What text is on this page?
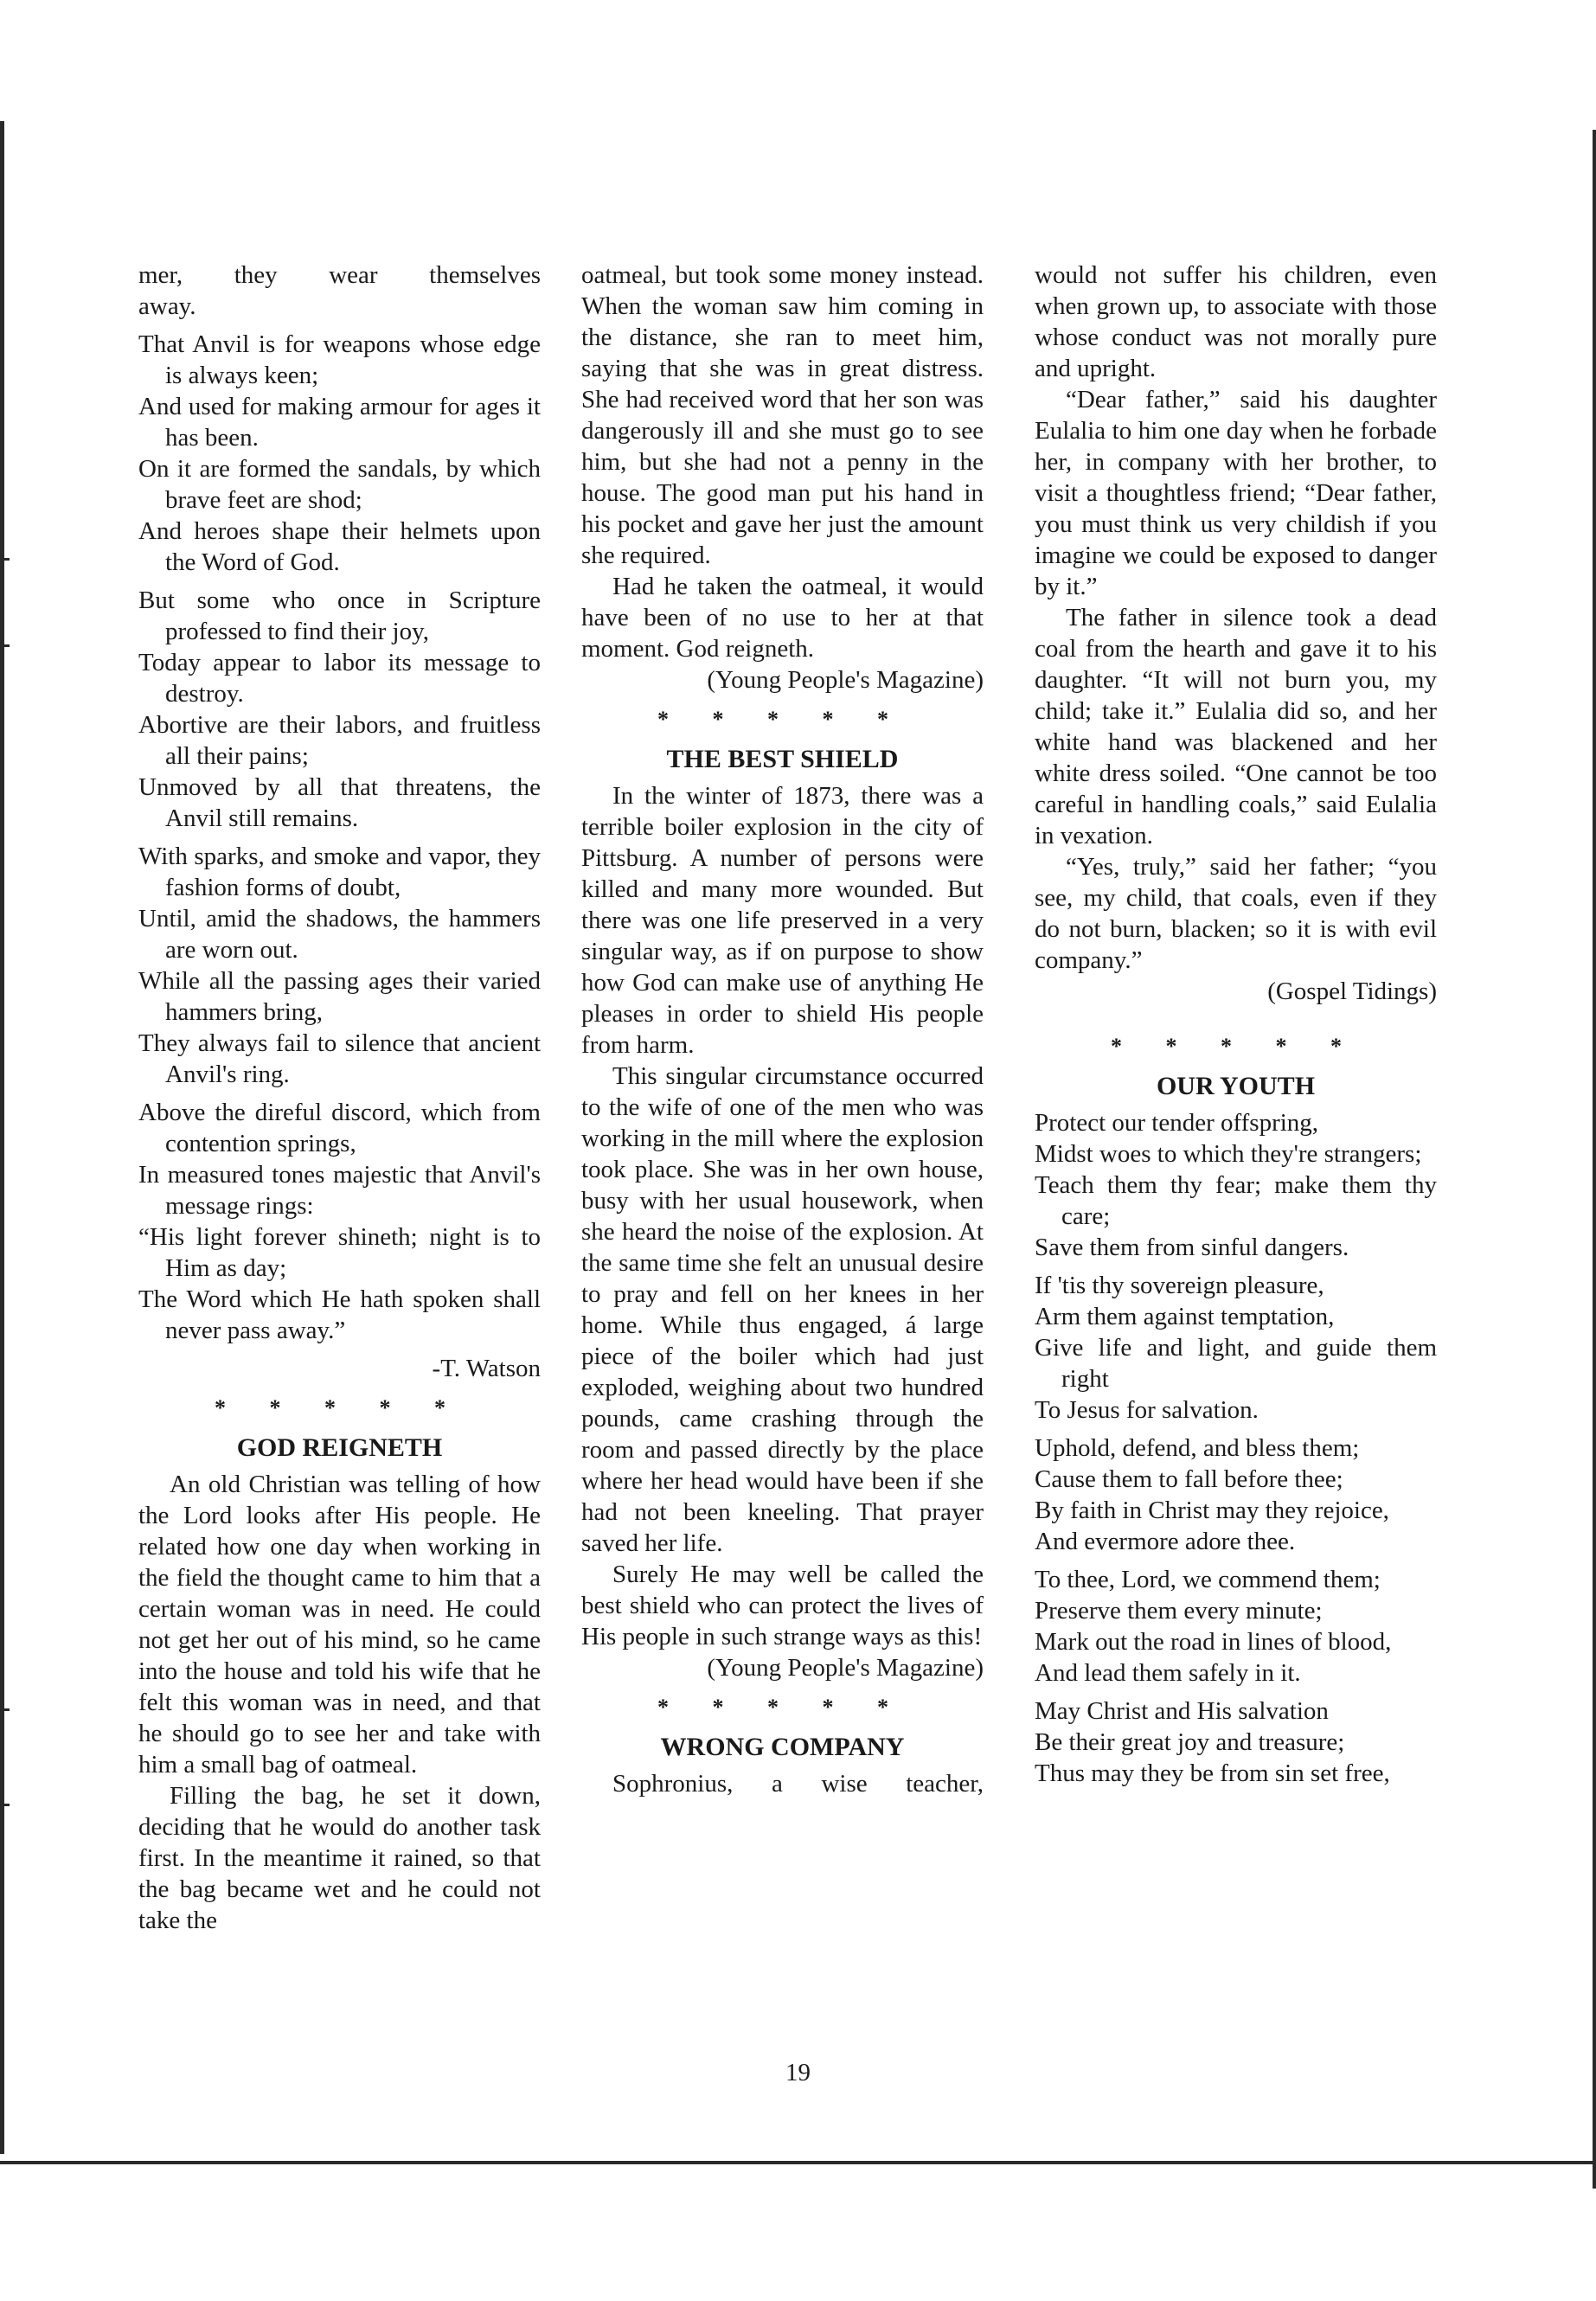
mer, they wear themselves
away.
That Anvil is for weapons whose edge is always keen;
And used for making armour for ages it has been.
On it are formed the sandals, by which brave feet are shod;
And heroes shape their helmets upon the Word of God.
But some who once in Scripture professed to find their joy,
Today appear to labor its message to destroy.
Abortive are their labors, and fruitless all their pains;
Unmoved by all that threatens, the Anvil still remains.
With sparks, and smoke and vapor, they fashion forms of doubt,
Until, amid the shadows, the hammers are worn out.
While all the passing ages their varied hammers bring,
They always fail to silence that ancient Anvil's ring.
Above the direful discord, which from contention springs,
In measured tones majestic that Anvil's message rings:
“His light forever shineth; night is to Him as day;
The Word which He hath spoken shall never pass away.”

-T. Watson

* * * * *
GOD REIGNETH

An old Christian was telling of how the Lord looks after His people. He related how one day when working in the field the thought came to him that a certain woman was in need. He could not get her out of his mind, so he came into the house and told his wife that he felt this woman was in need, and that he should go to see her and take with him a small bag of oatmeal.

Filling the bag, he set it down, deciding that he would do another task first. In the meantime it rained, so that the bag became wet and he could not take the

oatmeal, but took some money instead. When the woman saw him coming in the distance, she ran to meet him, saying that she was in great distress. She had received word that her son was dangerously ill and she must go to see him, but she had not a penny in the house. The good man put his hand in his pocket and gave her just the amount she required.

Had he taken the oatmeal, it would have been of no use to her at that moment. God reigneth.

(Young People's Magazine)

* * * * *
THE BEST SHIELD

In the winter of 1873, there was a terrible boiler explosion in the city of Pittsburg. A number of persons were killed and many more wounded. But there was one life preserved in a very singular way, as if on purpose to show how God can make use of anything He pleases in order to shield His people from harm.

This singular circumstance occurred to the wife of one of the men who was working in the mill where the explosion took place. She was in her own house, busy with her usual housework, when she heard the noise of the explosion. At the same time she felt an unusual desire to pray and fell on her knees in her home. While thus engaged, á large piece of the boiler which had just exploded, weighing about two hundred pounds, came crashing through the room and passed directly by the place where her head would have been if she had not been kneeling. That prayer saved her life.

Surely He may well be called the best shield who can protect the lives of His people in such strange ways as this!

(Young People's Magazine)

* * * * *
WRONG COMPANY

Sophronius, a wise teacher,

would not suffer his children, even when grown up, to associate with those whose conduct was not morally pure and upright.

“Dear father,” said his daughter Eulalia to him one day when he forbade her, in company with her brother, to visit a thoughtless friend; “Dear father, you must think us very childish if you imagine we could be exposed to danger by it.”

The father in silence took a dead coal from the hearth and gave it to his daughter. “It will not burn you, my child; take it.” Eulalia did so, and her white hand was blackened and her white dress soiled. “One cannot be too careful in handling coals,” said Eulalia in vexation.

“Yes, truly,” said her father; “you see, my child, that coals, even if they do not burn, blacken; so it is with evil company.”

(Gospel Tidings)

* * * * *
OUR YOUTH
Protect our tender offspring,
Midst woes to which they're strangers;
Teach them thy fear; make them thy care;
Save them from sinful dangers.
If 'tis thy sovereign pleasure,
Arm them against temptation,
Give life and light, and guide them right
To Jesus for salvation.
Uphold, defend, and bless them;
Cause them to fall before thee;
By faith in Christ may they rejoice,
And evermore adore thee.
To thee, Lord, we commend them;
Preserve them every minute;
Mark out the road in lines of blood,
And lead them safely in it.
May Christ and His salvation
Be their great joy and treasure;
Thus may they be from sin set free,
19
